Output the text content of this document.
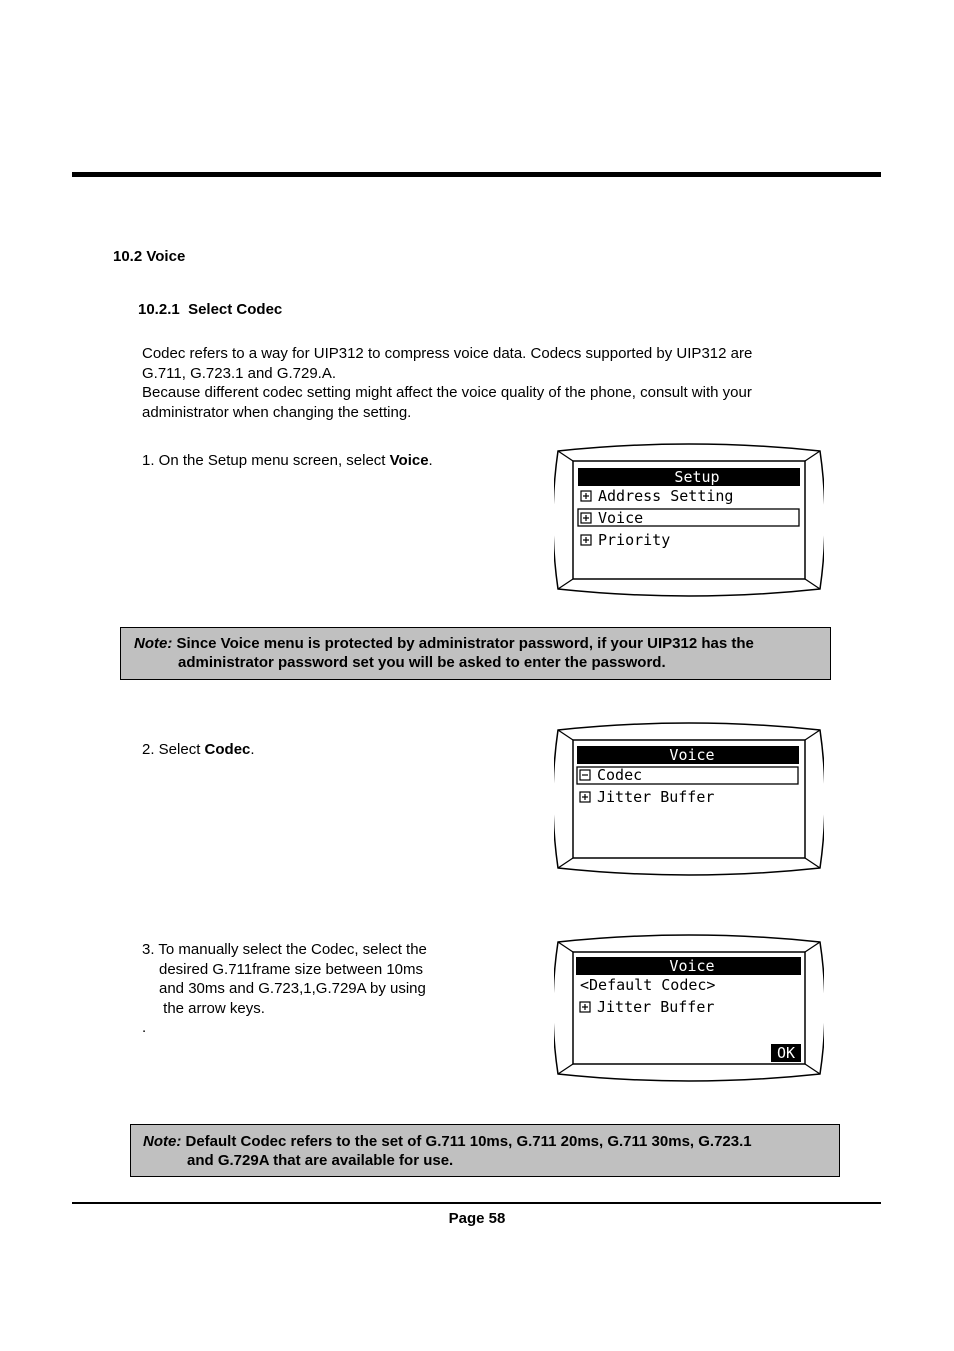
10.2 Voice
10.2.1 Select Codec
Codec refers to a way for UIP312 to compress voice data. Codecs supported by UIP312 are
G.711, G.723.1 and G.729.A.
Because different codec setting might affect the voice quality of the phone, consult with your
administrator when changing the setting.
1. On the Setup menu screen, select Voice.
Setup
Address Setting
Voice
Priority
Note: Since Voice menu is protected by administrator password, if your UIP312 has the
administrator password set you will be asked to enter the password.
2. Select Codec.	Voice
Codec
Jitter Buffer
3. To manually select the Codec, select the
desired G.711frame size between 10ms
and 30ms and G.723,1,G.729A by using
the arrow keys.
.
Voice
<Default Codec>
Jitter Buffer
OK
Note: Default Codec refers to the set of G.711 10ms, G.711 20ms, G.711 30ms, G.723.1
and G.729A that are available for use.
Page 58
